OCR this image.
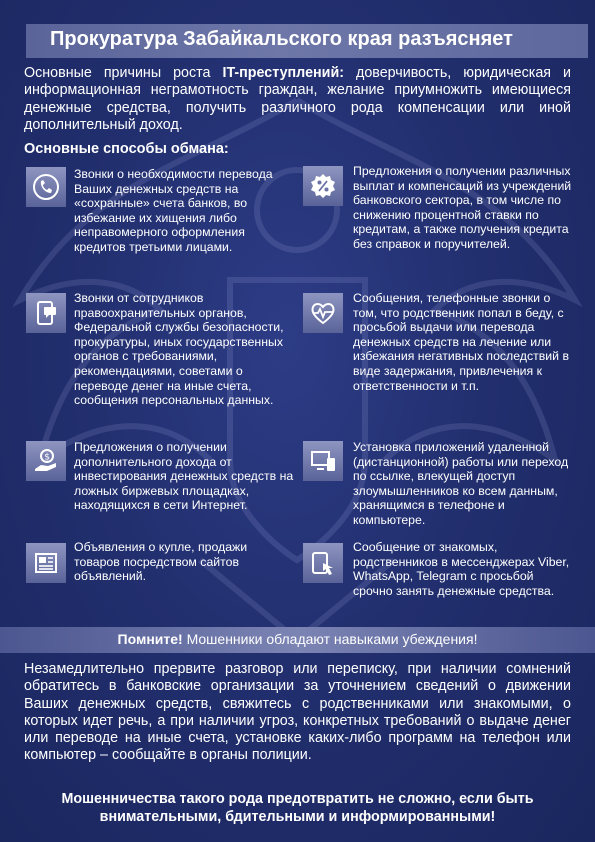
Прокуратура Забайкальского края разъясняет

Основные причины роста IT-преступлений: доверчивость, юридическая и информационная неграмотность граждан, желание приумножить имеющиеся денежные средства, получить различного рода компенсации или иной дополнительный доход.

Основные способы обмана:
Звонки о необходимости перевода Ваших денежных средств на «сохранные» счета банков, во избежание их хищения либо неправомерного оформления кредитов третьими лицами.
Звонки от сотрудников правоохранительных органов, Федеральной службы безопасности, прокуратуры, иных государственных органов с требованиями, рекомендациями, советами о переводе денег на иные счета, сообщения персональных данных.
$
Предложения о получении дополнительного дохода от инвестирования денежных средств на ложных биржевых площадках, находящихся в сети Интернет.
Объявления о купле, продажи товаров посредством сайтов объявлений.
Предложения о получении различных выплат и компенсаций из учреждений банковского сектора, в том числе по снижению процентной ставки по кредитам, а также получения кредита без справок и поручителей.
Сообщения, телефонные звонки о том, что родственник попал в беду, с просьбой выдачи или перевода денежных средств на лечение или избежания негативных последствий в виде задержания, привлечения к ответственности и т.п.
Установка приложений удаленной (дистанционной) работы или переход по ссылке, влекущей доступ злоумышленников ко всем данным, хранящимся в телефоне и компьютере.
Сообщение от знакомых, родственников в мессенджерах Viber, WhatsApp, Telegram с просьбой срочно занять денежные средства.
Помните! Мошенники обладают навыками убеждения!

Незамедлительно прервите разговор или переписку, при наличии сомнений обратитесь в банковские организации за уточнением сведений о движении Ваших денежных средств, свяжитесь с родственниками или знакомыми, о которых идет речь, а при наличии угроз, конкретных требований о выдаче денег или переводе на иные счета, установке каких-либо программ на телефон или компьютер – сообщайте в органы полиции.

Мошенничества такого рода предотвратить не сложно, если быть внимательными, бдительными и информированными!
